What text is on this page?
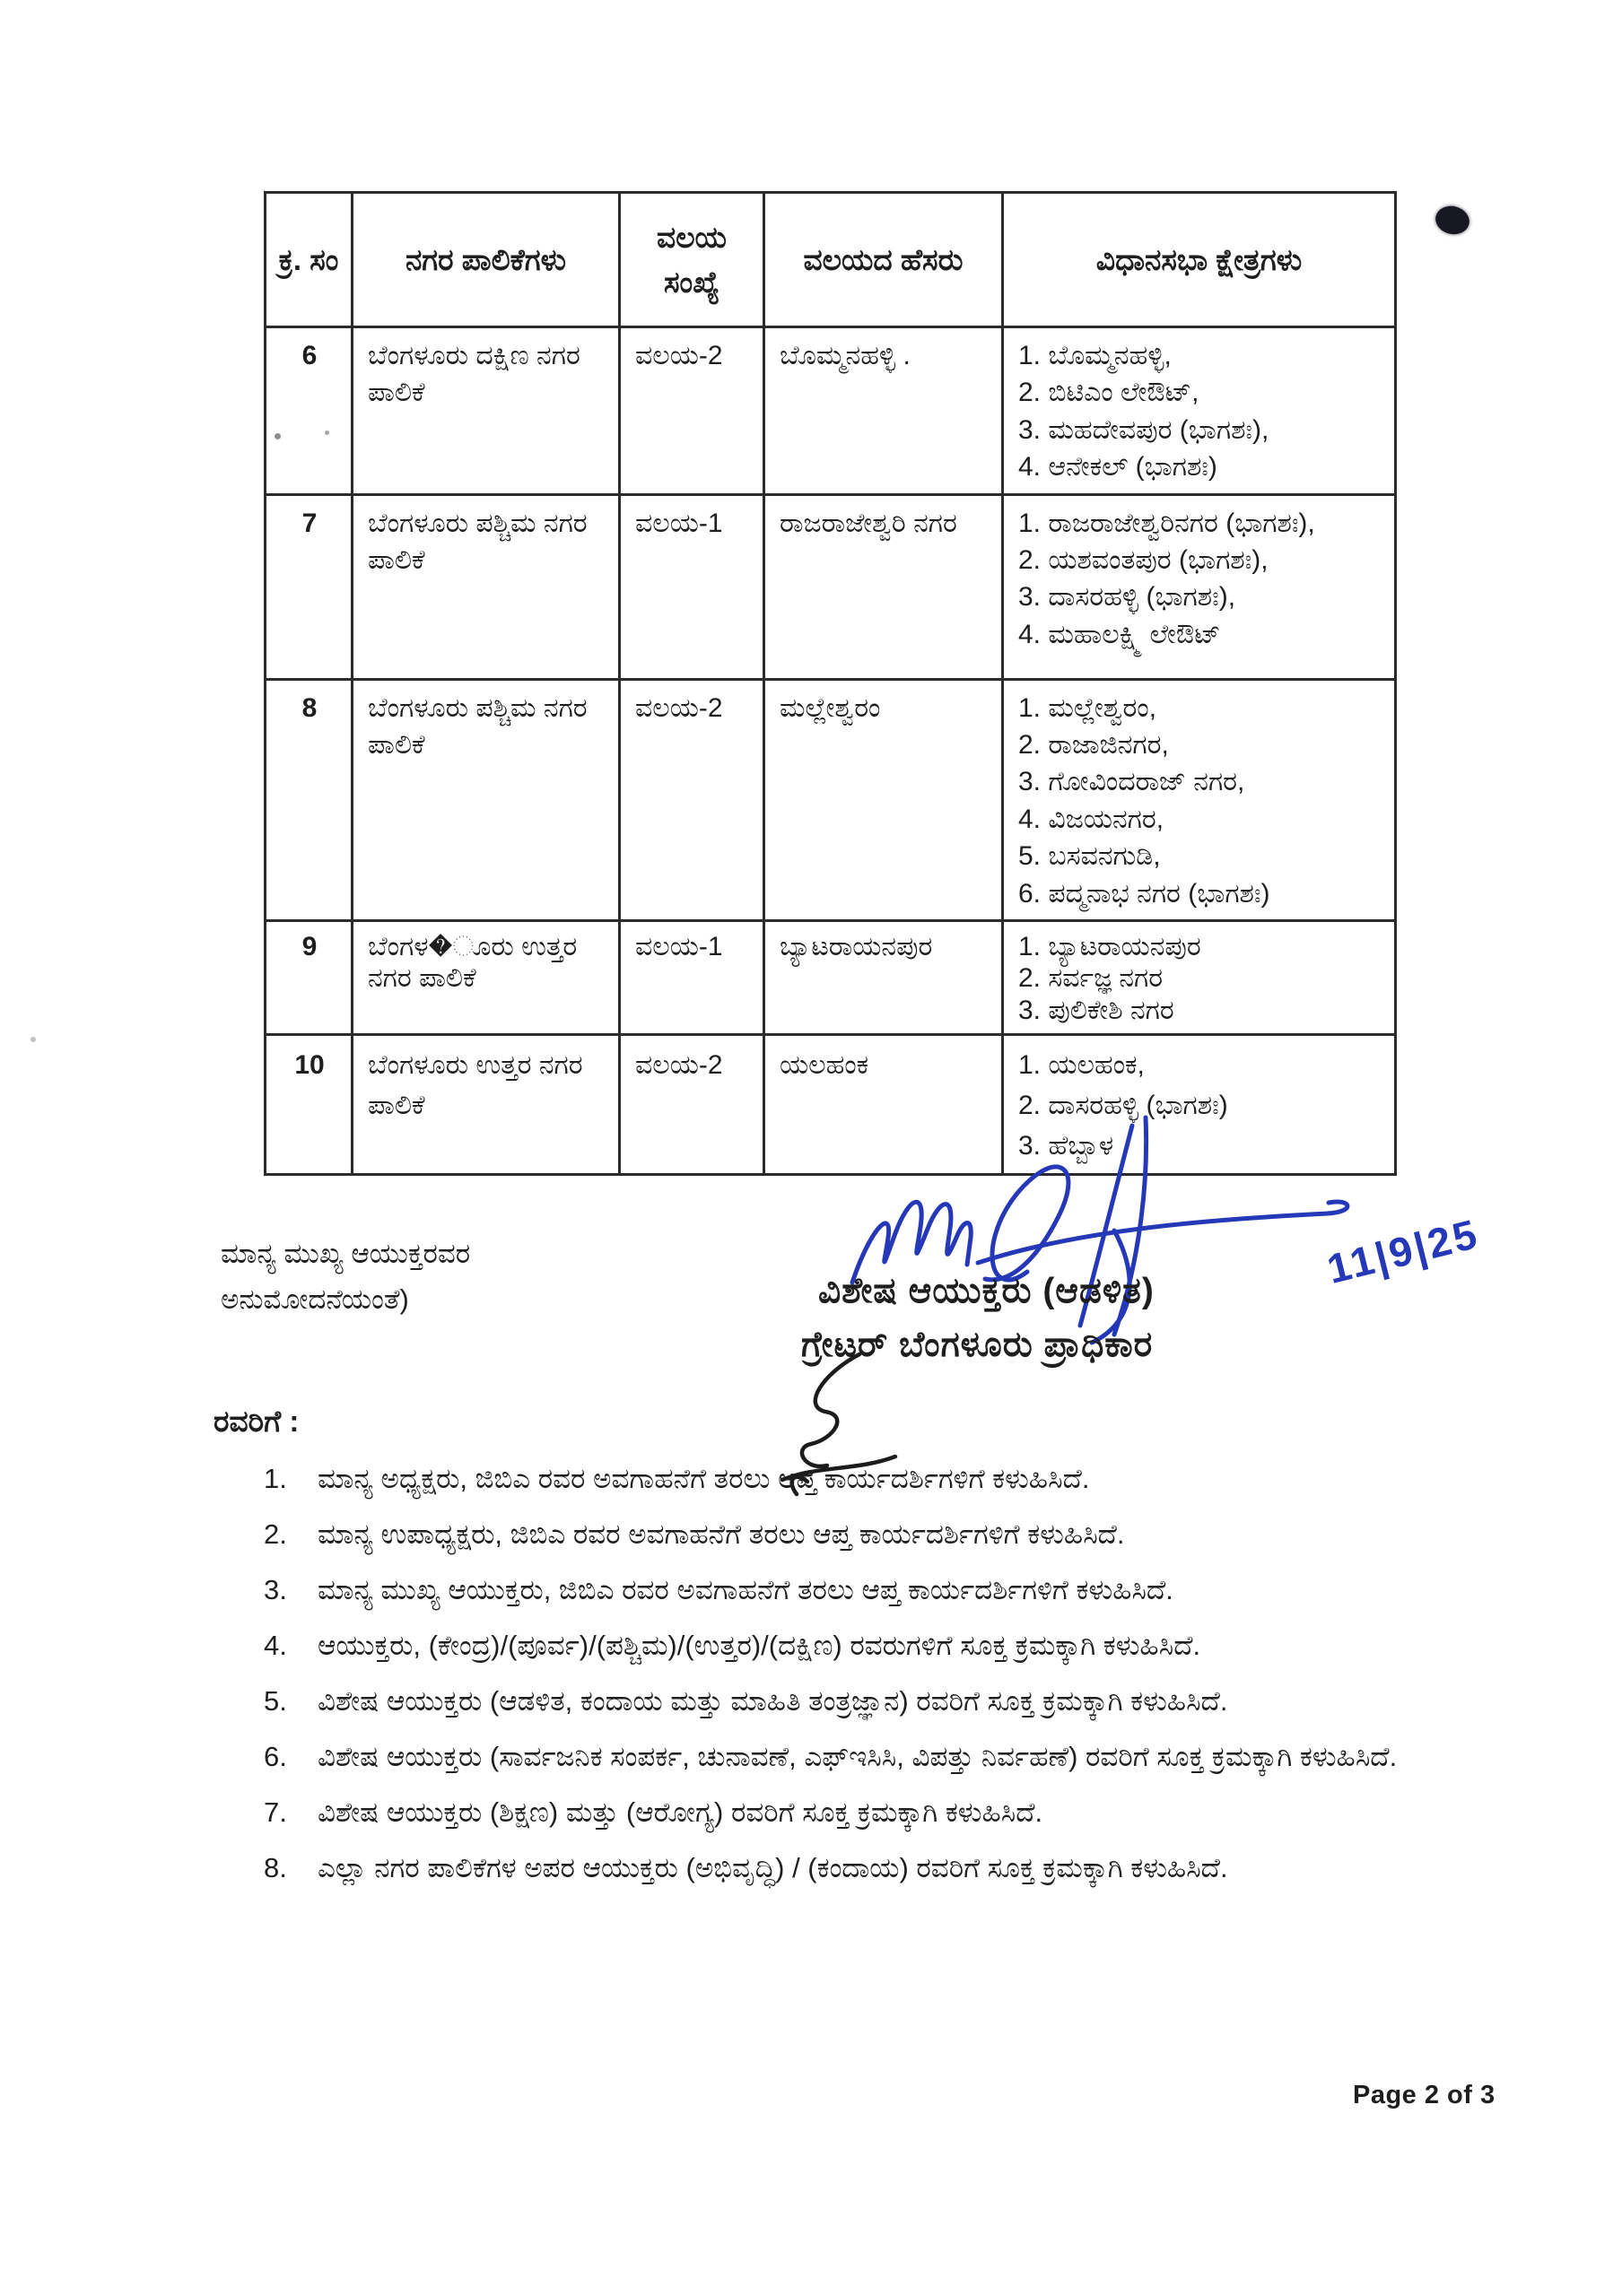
ಕ್ರ. ಸಂ	ನಗರ ಪಾಲಿಕೆಗಳು	ವಲಯ ಸಂಖ್ಯೆ	ವಲಯದ ಹೆಸರು	ವಿಧಾನಸಭಾ ಕ್ಷೇತ್ರಗಳು
6	ಬೆಂಗಳೂರು ದಕ್ಷಿಣ ನಗರ ಪಾಲಿಕೆ	ವಲಯ-2	ಬೊಮ್ಮನಹಳ್ಳಿ .	1. ಬೊಮ್ಮನಹಳ್ಳಿ,
2. ಬಿಟಿಎಂ ಲೇಔಟ್,
3. ಮಹದೇವಪುರ (ಭಾಗಶಃ),
4. ಆನೇಕಲ್ (ಭಾಗಶಃ)

7	ಬೆಂಗಳೂರು ಪಶ್ಚಿಮ ನಗರ ಪಾಲಿಕೆ	ವಲಯ-1	ರಾಜರಾಜೇಶ್ವರಿ ನಗರ	1. ರಾಜರಾಜೇಶ್ವರಿನಗರ (ಭಾಗಶಃ),
2. ಯಶವಂತಪುರ (ಭಾಗಶಃ),
3. ದಾಸರಹಳ್ಳಿ (ಭಾಗಶಃ),
4. ಮಹಾಲಕ್ಷ್ಮಿ ಲೇಔಟ್

8	ಬೆಂಗಳೂರು ಪಶ್ಚಿಮ ನಗರ ಪಾಲಿಕೆ	ವಲಯ-2	ಮಲ್ಲೇಶ್ವರಂ	1. ಮಲ್ಲೇಶ್ವರಂ,
2. ರಾಜಾಜಿನಗರ,
3. ಗೋವಿಂದರಾಜ್ ನಗರ,
4. ವಿಜಯನಗರ,
5. ಬಸವನಗುಡಿ,
6. ಪದ್ಮನಾಭ ನಗರ (ಭಾಗಶಃ)

9	ಬೆಂಗಳ�ೂರು ಉತ್ತರ ನಗರ ಪಾಲಿಕೆ	ವಲಯ-1	ಬ್ಯಾಟರಾಯನಪುರ	1. ಬ್ಯಾಟರಾಯನಪುರ
2. ಸರ್ವಜ್ಞ ನಗರ
3. ಪುಲಿಕೇಶಿ ನಗರ

10	ಬೆಂಗಳೂರು ಉತ್ತರ ನಗರ ಪಾಲಿಕೆ	ವಲಯ-2	ಯಲಹಂಕ	1. ಯಲಹಂಕ,
2. ದಾಸರಹಳ್ಳಿ (ಭಾಗಶಃ)
3. ಹೆಬ್ಬಾಳ
ಮಾನ್ಯ ಮುಖ್ಯ ಆಯುಕ್ತರವರ
ಅನುಮೋದನೆಯಂತೆ)	ವಿಶೇಷ ಆಯುಕ್ತರು (ಆಡಳಿತ)	11|9|25
ಗ್ರೇಟರ್ ಬೆಂಗಳೂರು ಪ್ರಾಧಿಕಾರ
ರವರಿಗೆ :
1. ಮಾನ್ಯ ಅಧ್ಯಕ್ಷರು, ಜಿಬಿಎ ರವರ ಅವಗಾಹನೆಗೆ ತರಲು ಆಪ್ತ ಕಾರ್ಯದರ್ಶಿಗಳಿಗೆ ಕಳುಹಿಸಿದೆ.
2. ಮಾನ್ಯ ಉಪಾಧ್ಯಕ್ಷರು, ಜಿಬಿಎ ರವರ ಅವಗಾಹನೆಗೆ ತರಲು ಆಪ್ತ ಕಾರ್ಯದರ್ಶಿಗಳಿಗೆ ಕಳುಹಿಸಿದೆ.
3. ಮಾನ್ಯ ಮುಖ್ಯ ಆಯುಕ್ತರು, ಜಿಬಿಎ ರವರ ಅವಗಾಹನೆಗೆ ತರಲು ಆಪ್ತ ಕಾರ್ಯದರ್ಶಿಗಳಿಗೆ ಕಳುಹಿಸಿದೆ.
4. ಆಯುಕ್ತರು, (ಕೇಂದ್ರ)/(ಪೂರ್ವ)/(ಪಶ್ಚಿಮ)/(ಉತ್ತರ)/(ದಕ್ಷಿಣ) ರವರುಗಳಿಗೆ ಸೂಕ್ತ ಕ್ರಮಕ್ಕಾಗಿ ಕಳುಹಿಸಿದೆ.
5. ವಿಶೇಷ ಆಯುಕ್ತರು (ಆಡಳಿತ, ಕಂದಾಯ ಮತ್ತು ಮಾಹಿತಿ ತಂತ್ರಜ್ಞಾನ) ರವರಿಗೆ ಸೂಕ್ತ ಕ್ರಮಕ್ಕಾಗಿ ಕಳುಹಿಸಿದೆ.
6. ವಿಶೇಷ ಆಯುಕ್ತರು (ಸಾರ್ವಜನಿಕ ಸಂಪರ್ಕ, ಚುನಾವಣೆ, ಎಫ್‌ಇಸಿಸಿ, ವಿಪತ್ತು ನಿರ್ವಹಣೆ) ರವರಿಗೆ ಸೂಕ್ತ ಕ್ರಮಕ್ಕಾಗಿ ಕಳುಹಿಸಿದೆ.
7. ವಿಶೇಷ ಆಯುಕ್ತರು (ಶಿಕ್ಷಣ) ಮತ್ತು (ಆರೋಗ್ಯ) ರವರಿಗೆ ಸೂಕ್ತ ಕ್ರಮಕ್ಕಾಗಿ ಕಳುಹಿಸಿದೆ.
8. ಎಲ್ಲಾ ನಗರ ಪಾಲಿಕೆಗಳ ಅಪರ ಆಯುಕ್ತರು (ಅಭಿವೃದ್ಧಿ) / (ಕಂದಾಯ) ರವರಿಗೆ ಸೂಕ್ತ ಕ್ರಮಕ್ಕಾಗಿ ಕಳುಹಿಸಿದೆ.
Page 2 of 3
